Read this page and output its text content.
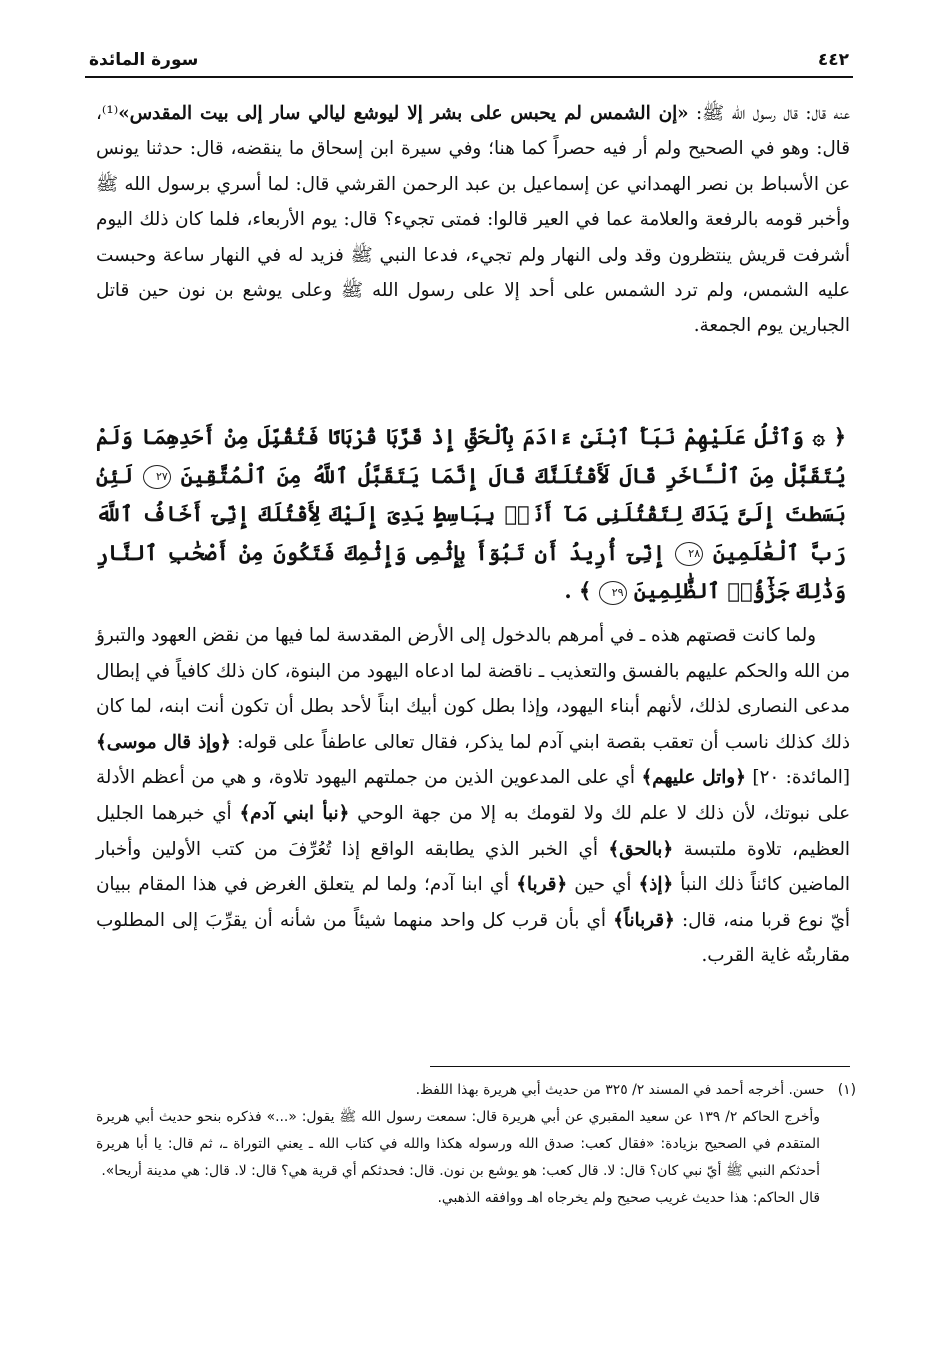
٤٤٢
سورة المائدة

عنه قال: قال رسول الله ﷺ: «إن الشمس لم يحبس على بشر إلا ليوشع ليالي سار إلى بيت المقدس»⁽¹⁾، قال: وهو في الصحيح ولم أر فيه حصراً كما هنا؛ وفي سيرة ابن إسحاق ما ينقضه، قال: حدثنا يونس عن الأسباط بن نصر الهمداني عن إسماعيل بن عبد الرحمن القرشي قال: لما أسري برسول الله ﷺ وأخبر قومه بالرفعة والعلامة عما في العير قالوا: فمتى تجيء؟ قال: يوم الأربعاء، فلما كان ذلك اليوم أشرفت قريش ينتظرون وقد ولى النهار ولم تجيء، فدعا النبي ﷺ فزيد له في النهار ساعة وحبست عليه الشمس، ولم ترد الشمس على أحد إلا على رسول الله ﷺ وعلى يوشع بن نون حين قاتل الجبارين يوم الجمعة.

﴿ ۞ وَٱتْلُ عَلَيْهِمْ نَبَأَ ٱبْنَىْ ءَادَمَ بِٱلْحَقِّ إِذْ قَرَّبَا قُرْبَانًا فَتُقُبِّلَ مِنْ أَحَدِهِمَا وَلَمْ يُتَقَبَّلْ مِنَ ٱلْـَٔاخَرِ قَالَ لَأَقْتُلَنَّكَ قَالَ إِنَّمَا يَتَقَبَّلُ ٱللَّهُ مِنَ ٱلْمُتَّقِينَ ٢٧ لَئِنۢ بَسَطتَ إِلَىَّ يَدَكَ لِتَقْتُلَنِى مَآ أَنَا۠ بِبَاسِطٍ يَدِىَ إِلَيْكَ لِأَقْتُلَكَ إِنِّىٓ أَخَافُ ٱللَّهَ رَبَّ ٱلْعَٰلَمِينَ ٢٨ إِنِّىٓ أُرِيدُ أَن تَبُوٓأَ بِإِثْمِى وَإِثْمِكَ فَتَكُونَ مِنْ أَصْحَٰبِ ٱلنَّارِ وَذَٰلِكَ جَزَٰٓؤُا۟ ٱلظَّٰلِمِينَ ٢٩ ﴾ .

ولما كانت قصتهم هذه ـ في أمرهم بالدخول إلى الأرض المقدسة لما فيها من نقض العهود والتبرؤ من الله والحكم عليهم بالفسق والتعذيب ـ ناقضة لما ادعاه اليهود من البنوة، كان ذلك كافياً في إبطال مدعى النصارى لذلك، لأنهم أبناء اليهود، وإذا بطل كون أبيك ابناً لأحد بطل أن تكون أنت ابنه، لما كان ذلك كذلك ناسب أن تعقب بقصة ابني آدم لما يذكر، فقال تعالى عاطفاً على قوله: ﴿وإذ قال موسى﴾ [المائدة: ٢٠] ﴿واتل عليهم﴾ أي على المدعوين الذين من جملتهم اليهود تلاوة، و هي من أعظم الأدلة على نبوتك، لأن ذلك لا علم لك ولا لقومك به إلا من جهة الوحي ﴿نبأ ابني آدم﴾ أي خبرهما الجليل العظيم، تلاوة ملتبسة ﴿بالحق﴾ أي الخبر الذي يطابقه الواقع إذا تُعُرِّفَ من كتب الأولين وأخبار الماضين كائناً ذلك النبأ ﴿إذ﴾ أي حين ﴿قربا﴾ أي ابنا آدم؛ ولما لم يتعلق الغرض في هذا المقام ببيان أيّ نوع قربا منه، قال: ﴿قرباناً﴾ أي بأن قرب كل واحد منهما شيئاً من شأنه أن يقرِّبَ إلى المطلوب مقاربتُه غاية القرب.

(١)   حسن. أخرجه أحمد في المسند ٢/ ٣٢٥ من حديث أبي هريرة بهذا اللفظ.

وأخرج الحاكم ٢/ ١٣٩ عن سعيد المقبري عن أبي هريرة قال: سمعت رسول الله ﷺ يقول: «...» فذكره بنحو حديث أبي هريرة المتقدم في الصحيح بزيادة: «فقال كعب: صدق الله ورسوله هكذا والله في كتاب الله ـ يعني التوراة ـ، ثم قال: يا أبا هريرة أحدثكم النبي ﷺ أيّ نبي كان؟ قال: لا. قال كعب: هو يوشع بن نون. قال: فحدثكم أي قرية هي؟ قال: لا. قال: هي مدينة أريحا».

قال الحاكم: هذا حديث غريب صحيح ولم يخرجاه اهـ ووافقه الذهبي.
